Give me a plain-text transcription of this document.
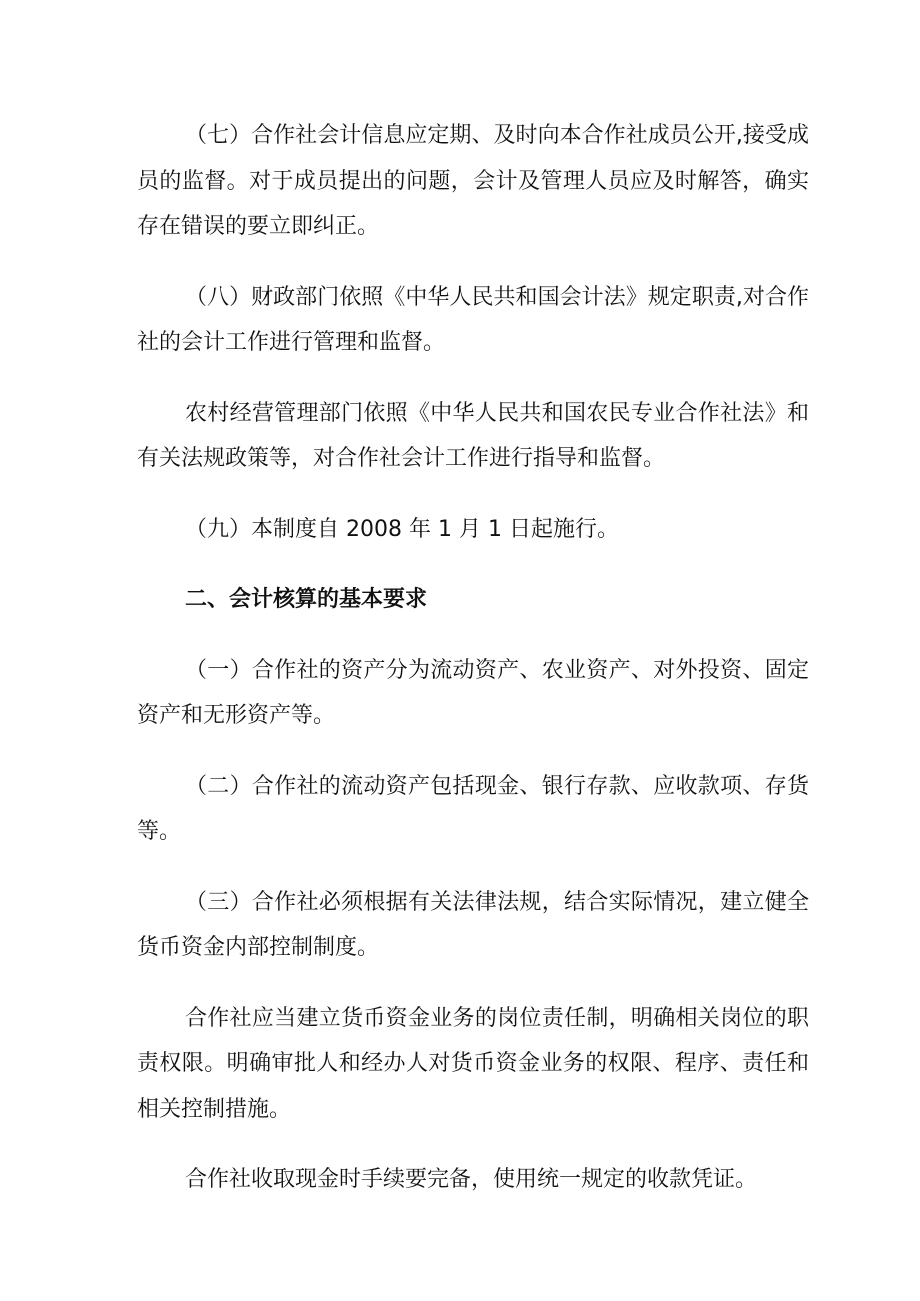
（七）合作社会计信息应定期、及时向本合作社成员公开,接受成员的监督。对于成员提出的问题，会计及管理人员应及时解答，确实存在错误的要立即纠正。

（八）财政部门依照《中华人民共和国会计法》规定职责,对合作社的会计工作进行管理和监督。

农村经营管理部门依照《中华人民共和国农民专业合作社法》和有关法规政策等，对合作社会计工作进行指导和监督。

（九）本制度自 2008 年 1 月 1 日起施行。

二、会计核算的基本要求

（一）合作社的资产分为流动资产、农业资产、对外投资、固定资产和无形资产等。

（二）合作社的流动资产包括现金、银行存款、应收款项、存货等。

（三）合作社必须根据有关法律法规，结合实际情况，建立健全货币资金内部控制制度。

合作社应当建立货币资金业务的岗位责任制，明确相关岗位的职责权限。明确审批人和经办人对货币资金业务的权限、程序、责任和相关控制措施。

合作社收取现金时手续要完备，使用统一规定的收款凭证。
